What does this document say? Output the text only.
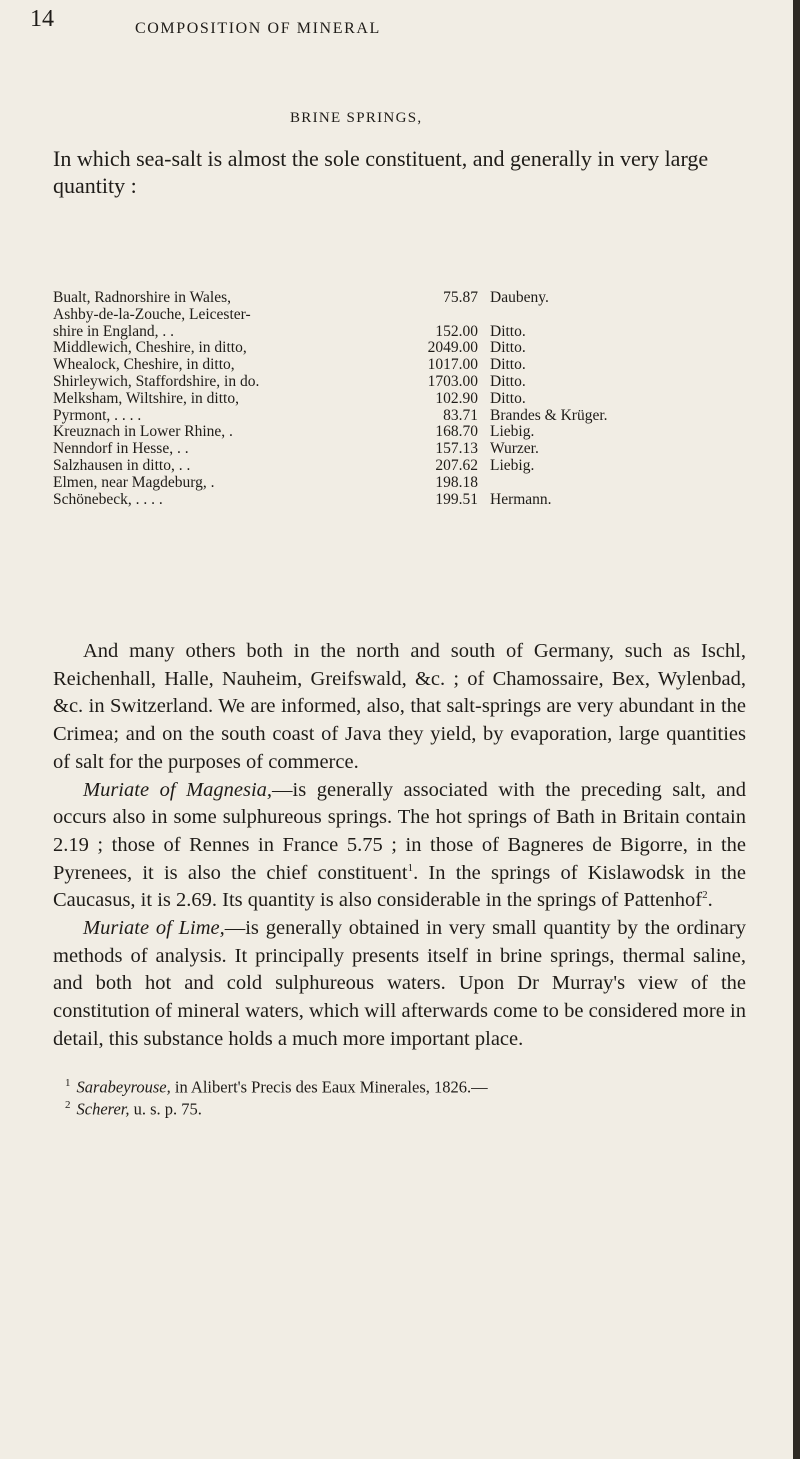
14	COMPOSITION OF MINERAL
BRINE SPRINGS,
In which sea-salt is almost the sole constituent, and generally in very large quantity :
Bualt, Radnorshire in Wales,	75.87 Daubeny.
Ashby-de-la-Zouche, Leicester-
shire in England, . .	152.00 Ditto.
Middlewich, Cheshire, in ditto,	2049.00 Ditto.
Whealock, Cheshire, in ditto,	1017.00 Ditto.
Shirleywich, Staffordshire, in do.	1703.00 Ditto.
Melksham, Wiltshire, in ditto,	102.90 Ditto.
Pyrmont, . . . .	83.71 Brandes & Krüger.
Kreuznach in Lower Rhine, .	168.70 Liebig.
Nenndorf in Hesse, . .	157.13 Wurzer.
Salzhausen in ditto, . .	207.62 Liebig.
Elmen, near Magdeburg, .	198.18
Schönebeck, . . . .	199.51 Hermann.

And many others both in the north and south of Germany, such as Ischl, Reichenhall, Halle, Nauheim, Greifswald, &c. ; of Chamossaire, Bex, Wylenbad, &c. in Switzerland. We are informed, also, that salt-springs are very abundant in the Crimea; and on the south coast of Java they yield, by evaporation, large quantities of salt for the purposes of commerce.

Muriate of Magnesia,—is generally associated with the preceding salt, and occurs also in some sulphureous springs. The hot springs of Bath in Britain contain 2.19 ; those of Rennes in France 5.75 ; in those of Bagneres de Bigorre, in the Pyrenees, it is also the chief constituent$^1$. In the springs of Kislawodsk in the Caucasus, it is 2.69. Its quantity is also considerable in the springs of Pattenhof$^2$.

Muriate of Lime,—is generally obtained in very small quantity by the ordinary methods of analysis. It principally presents itself in brine springs, thermal saline, and both hot and cold sulphureous waters. Upon Dr Murray's view of the constitution of mineral waters, which will afterwards come to be considered more in detail, this substance holds a much more important place.

$^1$ Sarabeyrouse, in Alibert's Precis des Eaux Minerales, 1826.—
$^2$ Scherer, u. s. p. 75.
